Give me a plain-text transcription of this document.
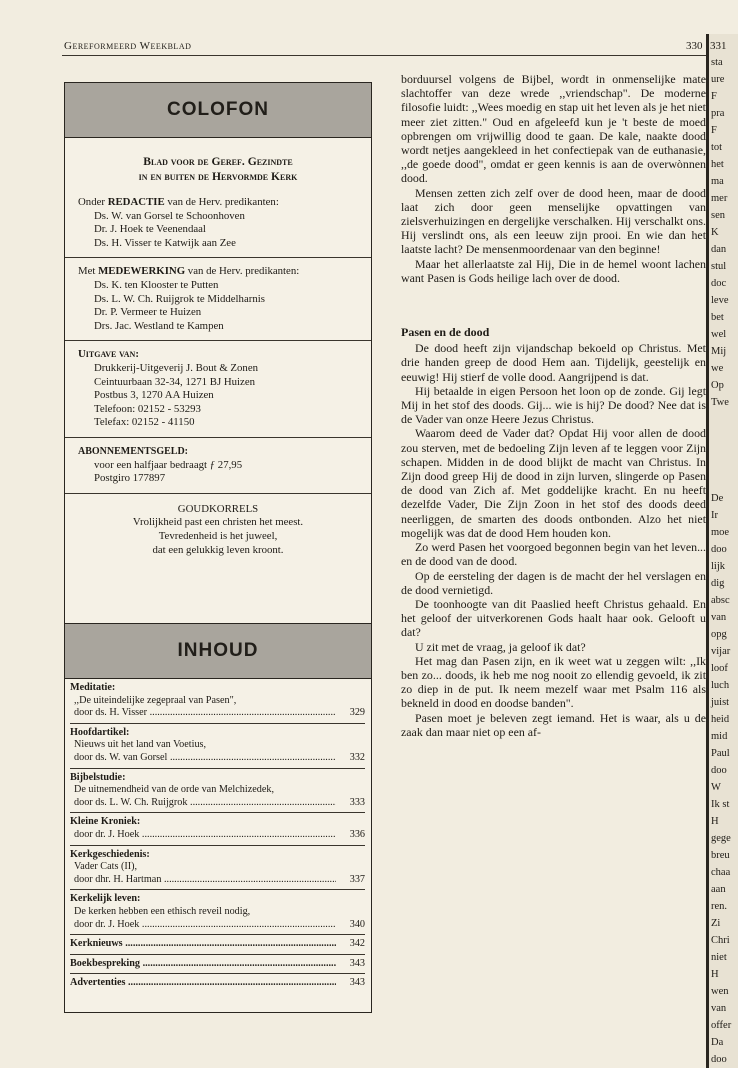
Gereformeerd Weekblad	330 331
sta
ure
F
pra
F
tot
het
ma
mer
sen
K
dan
stul
doc
leve
bet
wel
Mij
we
Op
Twe
De
Ir
moe
doo
lijk
dig
absc
van
opg
vijar
loof
luch
juist
heid
mid
Paul
doo
W
Ik st
H
gege
breu
chaa
aan
ren.
Zi
Chri
niet
H
wen
van
offer
Da
doo
COLOFON
Blad voor de Geref. Gezindte
in en buiten de Hervormde Kerk
Onder REDACTIE van de Herv. predikanten:
Ds. W. van Gorsel te Schoonhoven
Dr. J. Hoek te Veenendaal
Ds. H. Visser te Katwijk aan Zee
Met MEDEWERKING van de Herv. predikanten:
Ds. K. ten Klooster te Putten
Ds. L. W. Ch. Ruijgrok te Middelharnis
Dr. P. Vermeer te Huizen
Drs. Jac. Westland te Kampen
Uitgave van:
Drukkerij-Uitgeverij J. Bout & Zonen
Ceintuurbaan 32-34, 1271 BJ Huizen
Postbus 3, 1270 AA Huizen
Telefoon: 02152 - 53293
Telefax: 02152 - 41150
ABONNEMENTSGELD:
voor een halfjaar bedraagt ƒ 27,95
Postgiro 177897
GOUDKORRELS
Vrolijkheid past een christen het meest.
Tevredenheid is het juweel,
dat een gelukkig leven kroont.
INHOUD
Meditatie:
,,De uiteindelijke zegepraal van Pasen",
door ds. H. Visser .....	329
Hoofdartikel:
Nieuws uit het land van Voetius,
door ds. W. van Gorsel .....	332
Bijbelstudie:
De uitnemendheid van de orde van Melchizedek,
door ds. L. W. Ch. Ruijgrok .....	333
Kleine Kroniek:
door dr. J. Hoek .....	336
Kerkgeschiedenis:
Vader Cats (II),
door dhr. H. Hartman .....	337
Kerkelijk leven:
De kerken hebben een ethisch reveil nodig,
door dr. J. Hoek .....	340
Kerknieuws .....	342
Boekbespreking .....	343
Advertenties .....	343

borduursel volgens de Bijbel, wordt in onmenselijke mate slachtoffer van deze wrede ,,vriendschap". De moderne filosofie luidt: ,,Wees moedig en stap uit het leven als je het niet meer ziet zitten." Oud en afgeleefd kun je 't beste de moed opbrengen om vrijwillig dood te gaan. De kale, naakte dood wordt netjes aangekleed in het confectiepak van de euthanasie, ,,de goede dood", omdat er geen kennis is aan de overwònnen dood.

Mensen zetten zich zelf over de dood heen, maar de dood laat zich door geen menselijke opvattingen van zielsverhuizingen en dergelijke verschalken. Hij verschalkt ons. Hij verslindt ons, als een leeuw zijn prooi. En wie dan het laatste lacht? De mensenmoordenaar van den beginne!

Maar het allerlaatste zal Hij, Die in de hemel woont lachen want Pasen is Gods heilige lach over de dood.

Pasen en de dood

De dood heeft zijn vijandschap bekoeld op Christus. Met drie handen greep de dood Hem aan. Tijdelijk, geestelijk en eeuwig! Hij stierf de volle dood. Aangrijpend is dat.

Hij betaalde in eigen Persoon het loon op de zonde. Gij legt Mij in het stof des doods. Gij... wie is hij? De dood? Nee dat is de Vader van onze Heere Jezus Christus.

Waarom deed de Vader dat? Opdat Hij voor allen de dood zou sterven, met de bedoeling Zijn leven af te leggen voor Zijn schapen. Midden in de dood blijkt de macht van Christus. In Zijn dood greep Hij de dood in zijn lurven, slingerde op Pasen de dood van Zich af. Met goddelijke kracht. En nu heeft dezelfde Vader, Die Zijn Zoon in het stof des doods deed neerliggen, de smarten des doods ontbonden. Alzo het niet mogelijk was dat de dood Hem houden kon.

Zo werd Pasen het voorgoed begonnen begin van het leven... en de dood van de dood.

Op de eersteling der dagen is de macht der hel verslagen en de dood vernietigd.

De toonhoogte van dit Paaslied heeft Christus gehaald. En het geloof der uitverkorenen Gods haalt haar ook. Gelooft u dat?

U zit met de vraag, ja geloof ik dat?

Het mag dan Pasen zijn, en ik weet wat u zeggen wilt: ,,Ik ben zo... doods, ik heb me nog nooit zo ellendig gevoeld, ik zit zo diep in de put. Ik neem mezelf waar met Psalm 116 als bekneld in dood en doodse banden".

Pasen moet je beleven zegt iemand. Het is waar, als u de zaak dan maar niet op een af-
